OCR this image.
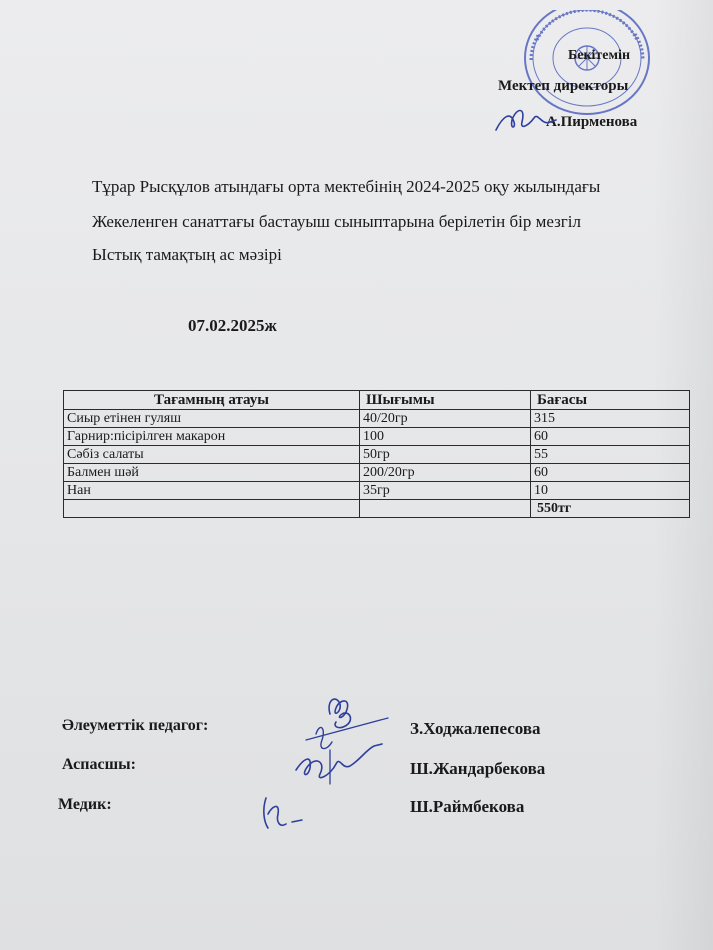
Бекітемін
Мектеп директоры
А.Пирменова
Тұрар Рысқұлов атындағы орта мектебінің 2024-2025 оқу жылындағы
Жекеленген санаттағы бастауыш сыныптарына берілетін бір мезгіл
Ыстық тамақтың ас мәзірі
07.02.2025ж
Тағамның атауы	Шығымы	Бағасы
Сиыр етінен гуляш	40/20гр	315
Гарнир:пісірілген макарон	100	60
Сәбіз салаты	50гр	55
Балмен шәй	200/20гр	60
Нан	35гр	10
		550тг
Әлеуметтік педагог:
Аспасшы:
Медик:
З.Ходжалепесова
Ш.Жандарбекова
Ш.Раймбекова
